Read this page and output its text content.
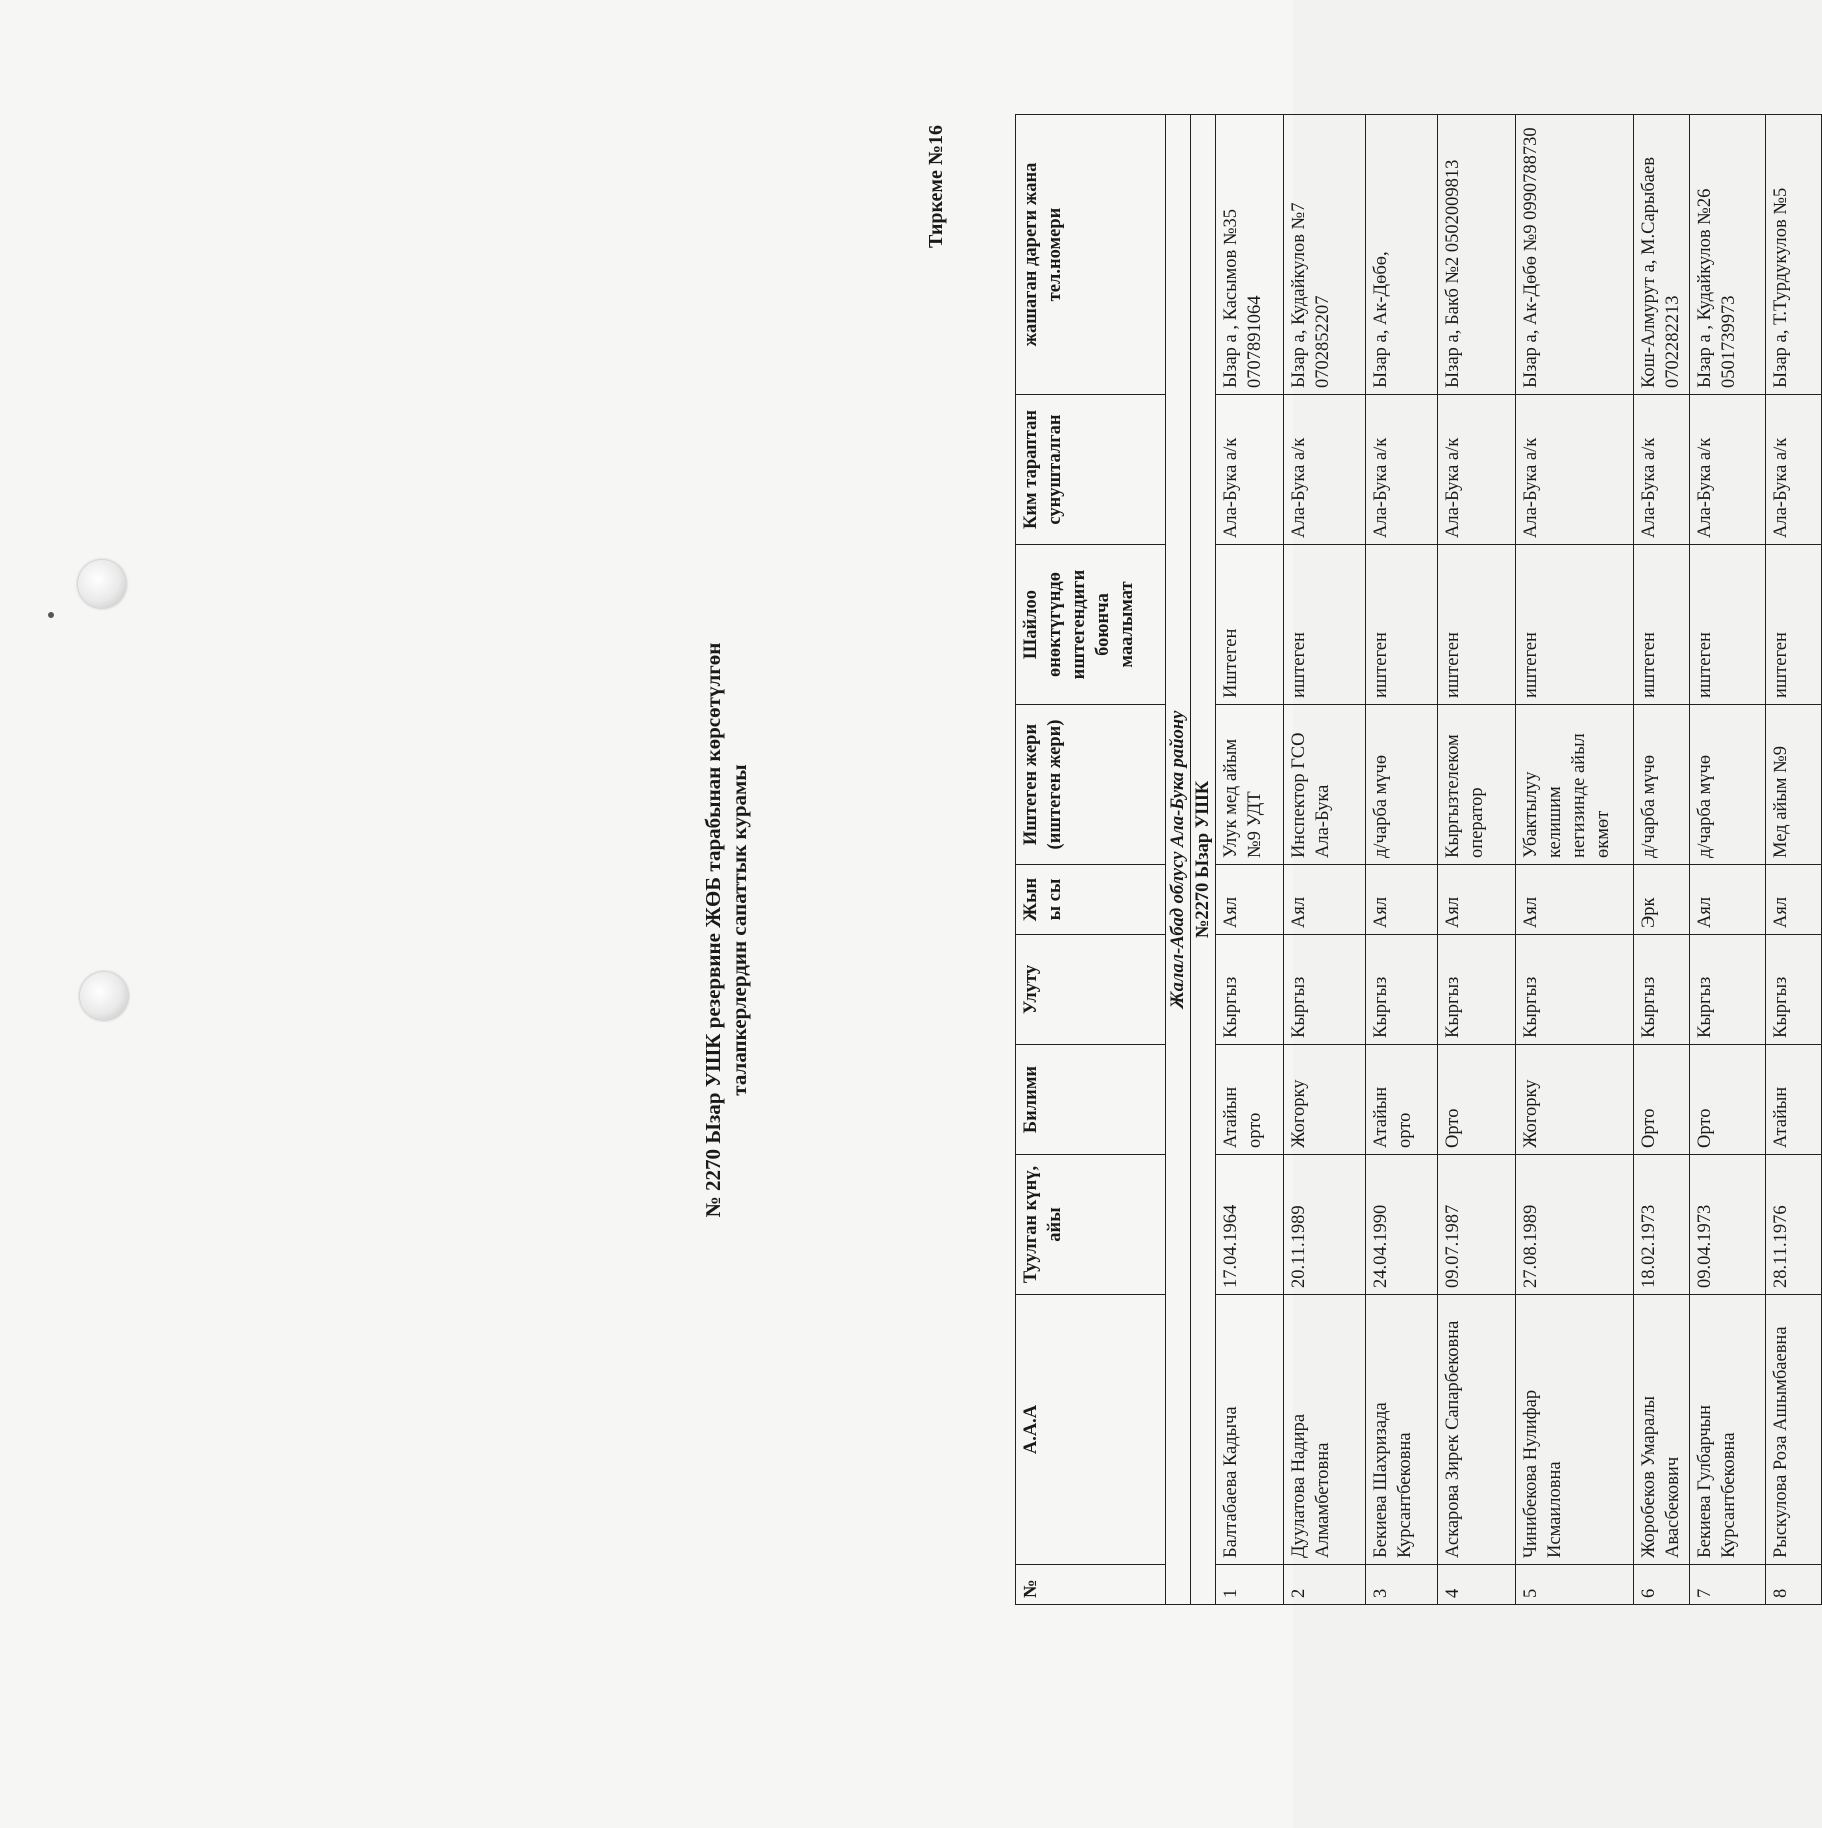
№ 2270 Ызар УШК резервине ЖӨБ тарабынан көрсөтүлгөн талапкерлердин сапаттык курамы
Тиркеме №16
№	А.А.А	Туулган күнү, айы	Билими	Улуту	Жыны сы	Иштеген жери (иштеген жери)	Шайлоо өнөктүгүндө иштегендиги боюнча маалымат	Ким тараптан сунушталган	жашаган дареги жана тел.номери
Жалал-Абад облусу Ала-Бука району									
№2270 Ызар УШК									
1	Балтабаева Кадыча	17.04.1964	Атайын орто	Кыргыз	Аял	Улук мед айым №9 УДТ	Иштеген	Ала-Бука а/к	Ызар а , Касымов №35 0707891064
2	Дуулатова Надира Алмамбетовна	20.11.1989	Жогорку	Кыргыз	Аял	Инспектор ГСО Ала-Бука	иштеген	Ала-Бука а/к	Ызар а, Кудайкулов №7 0702852207
3	Бекиева Шахризада Курсантбековна	24.04.1990	Атайын орто	Кыргыз	Аял	д/чарба мүчө	иштеген	Ала-Бука а/к	Ызар а, Ак-Дөбө,
4	Аскарова Зирек Сапарбековна	09.07.1987	Орто	Кыргыз	Аял	Кыргызтелеком оператор	иштеген	Ала-Бука а/к	Ызар а, Бакб №2 0502009813
5	Чинибекова Нулифар Исмаиловна	27.08.1989	Жогорку	Кыргыз	Аял	Убактылуу келишим негизинде айыл өкмөт	иштеген	Ала-Бука а/к	Ызар а, Ак-Дөбө №9 0990788730
6	Жоробеков Умаралы Авасбекович	18.02.1973	Орто	Кыргыз	Эрк	д/чарба мүчө	иштеген	Ала-Бука а/к	Кош-Алмурут а, М.Сарыбаев 0702282213
7	Бекиева Гулбарчын Курсантбековна	09.04.1973	Орто	Кыргыз	Аял	д/чарба мүчө	иштеген	Ала-Бука а/к	Ызар а , Кудайкулов №26 0501739973
8	Рыскулова Роза Ашымбаевна	28.11.1976	Атайын	Кыргыз	Аял	Мед айым №9	иштеген	Ала-Бука а/к	Ызар а, Т.Турдукулов №5
